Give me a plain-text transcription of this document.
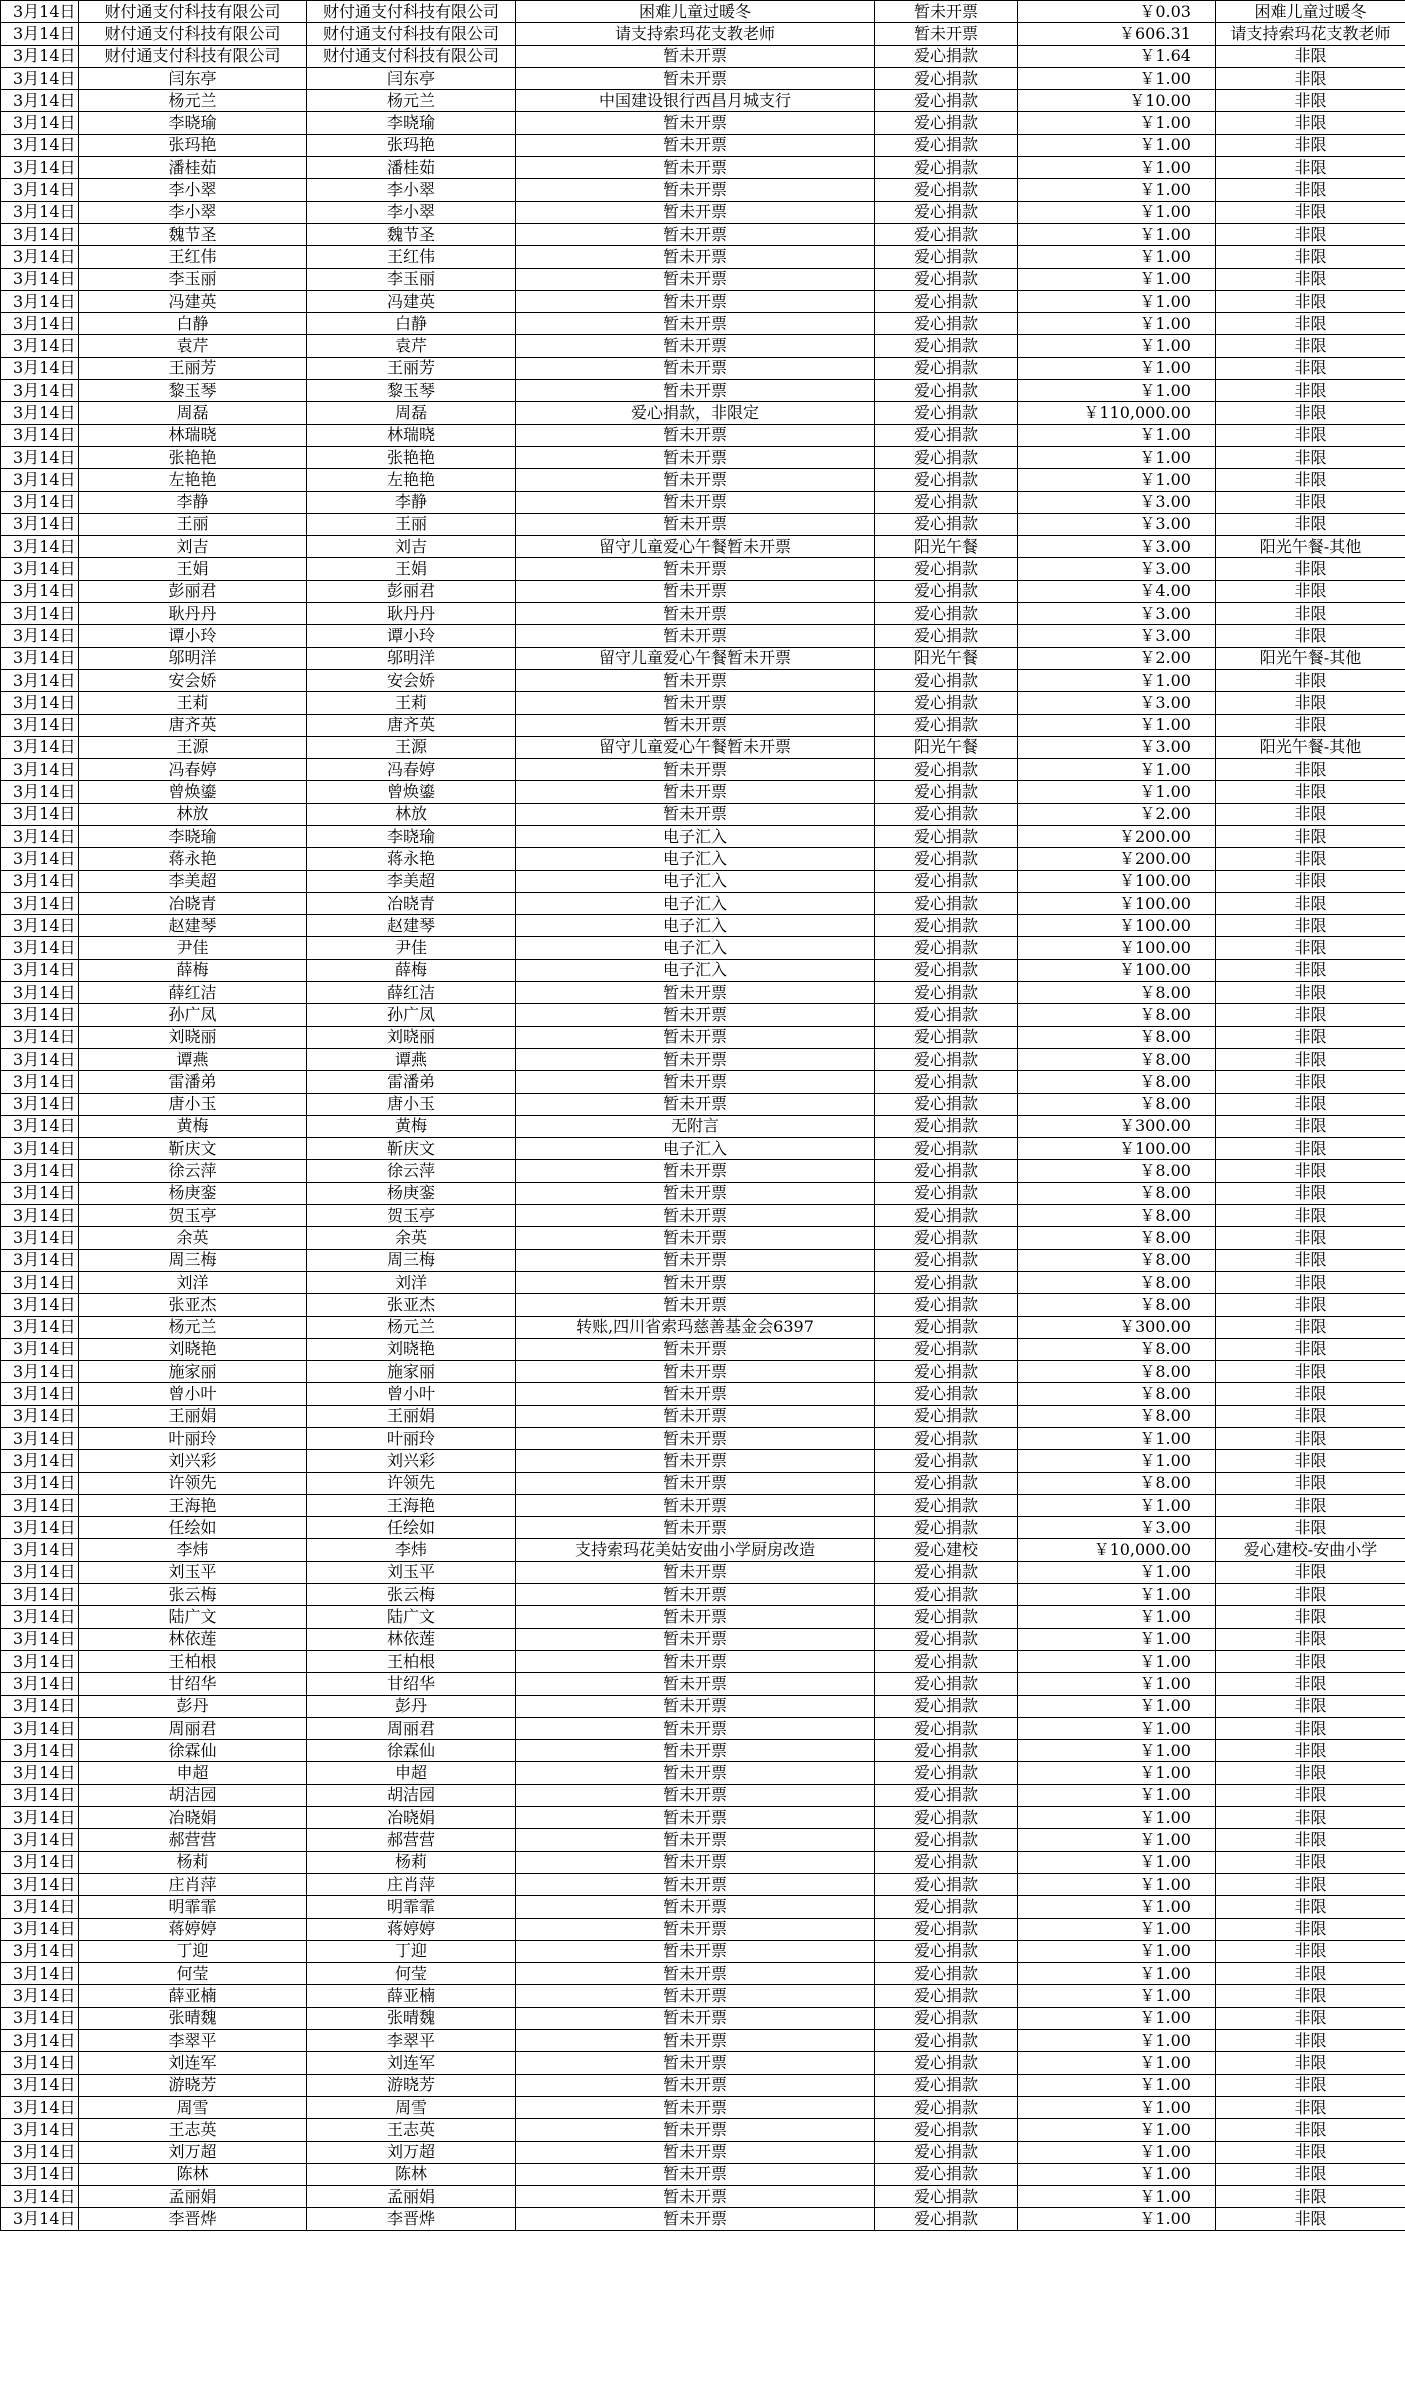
3月14日	财付通支付科技有限公司	财付通支付科技有限公司	困难儿童过暖冬	暂未开票	￥0.03	困难儿童过暖冬
3月14日	财付通支付科技有限公司	财付通支付科技有限公司	请支持索玛花支教老师	暂未开票	￥606.31	请支持索玛花支教老师
3月14日	财付通支付科技有限公司	财付通支付科技有限公司	暂未开票	爱心捐款	￥1.64	非限
3月14日	闫东亭	闫东亭	暂未开票	爱心捐款	￥1.00	非限
3月14日	杨元兰	杨元兰	中国建设银行西昌月城支行	爱心捐款	￥10.00	非限
3月14日	李晓瑜	李晓瑜	暂未开票	爱心捐款	￥1.00	非限
3月14日	张玛艳	张玛艳	暂未开票	爱心捐款	￥1.00	非限
3月14日	潘桂茹	潘桂茹	暂未开票	爱心捐款	￥1.00	非限
3月14日	李小翠	李小翠	暂未开票	爱心捐款	￥1.00	非限
3月14日	李小翠	李小翠	暂未开票	爱心捐款	￥1.00	非限
3月14日	魏节圣	魏节圣	暂未开票	爱心捐款	￥1.00	非限
3月14日	王红伟	王红伟	暂未开票	爱心捐款	￥1.00	非限
3月14日	李玉丽	李玉丽	暂未开票	爱心捐款	￥1.00	非限
3月14日	冯建英	冯建英	暂未开票	爱心捐款	￥1.00	非限
3月14日	白静	白静	暂未开票	爱心捐款	￥1.00	非限
3月14日	袁芹	袁芹	暂未开票	爱心捐款	￥1.00	非限
3月14日	王丽芳	王丽芳	暂未开票	爱心捐款	￥1.00	非限
3月14日	黎玉琴	黎玉琴	暂未开票	爱心捐款	￥1.00	非限
3月14日	周磊	周磊	爱心捐款，非限定	爱心捐款	￥110,000.00	非限
3月14日	林瑞晓	林瑞晓	暂未开票	爱心捐款	￥1.00	非限
3月14日	张艳艳	张艳艳	暂未开票	爱心捐款	￥1.00	非限
3月14日	左艳艳	左艳艳	暂未开票	爱心捐款	￥1.00	非限
3月14日	李静	李静	暂未开票	爱心捐款	￥3.00	非限
3月14日	王丽	王丽	暂未开票	爱心捐款	￥3.00	非限
3月14日	刘吉	刘吉	留守儿童爱心午餐暂未开票	阳光午餐	￥3.00	阳光午餐-其他
3月14日	王娟	王娟	暂未开票	爱心捐款	￥3.00	非限
3月14日	彭丽君	彭丽君	暂未开票	爱心捐款	￥4.00	非限
3月14日	耿丹丹	耿丹丹	暂未开票	爱心捐款	￥3.00	非限
3月14日	谭小玲	谭小玲	暂未开票	爱心捐款	￥3.00	非限
3月14日	邬明洋	邬明洋	留守儿童爱心午餐暂未开票	阳光午餐	￥2.00	阳光午餐-其他
3月14日	安会娇	安会娇	暂未开票	爱心捐款	￥1.00	非限
3月14日	王莉	王莉	暂未开票	爱心捐款	￥3.00	非限
3月14日	唐齐英	唐齐英	暂未开票	爱心捐款	￥1.00	非限
3月14日	王源	王源	留守儿童爱心午餐暂未开票	阳光午餐	￥3.00	阳光午餐-其他
3月14日	冯春婷	冯春婷	暂未开票	爱心捐款	￥1.00	非限
3月14日	曾焕鎏	曾焕鎏	暂未开票	爱心捐款	￥1.00	非限
3月14日	林放	林放	暂未开票	爱心捐款	￥2.00	非限
3月14日	李晓瑜	李晓瑜	电子汇入	爱心捐款	￥200.00	非限
3月14日	蒋永艳	蒋永艳	电子汇入	爱心捐款	￥200.00	非限
3月14日	李美超	李美超	电子汇入	爱心捐款	￥100.00	非限
3月14日	冶晓青	冶晓青	电子汇入	爱心捐款	￥100.00	非限
3月14日	赵建琴	赵建琴	电子汇入	爱心捐款	￥100.00	非限
3月14日	尹佳	尹佳	电子汇入	爱心捐款	￥100.00	非限
3月14日	薛梅	薛梅	电子汇入	爱心捐款	￥100.00	非限
3月14日	薛红洁	薛红洁	暂未开票	爱心捐款	￥8.00	非限
3月14日	孙广凤	孙广凤	暂未开票	爱心捐款	￥8.00	非限
3月14日	刘晓丽	刘晓丽	暂未开票	爱心捐款	￥8.00	非限
3月14日	谭燕	谭燕	暂未开票	爱心捐款	￥8.00	非限
3月14日	雷潘弟	雷潘弟	暂未开票	爱心捐款	￥8.00	非限
3月14日	唐小玉	唐小玉	暂未开票	爱心捐款	￥8.00	非限
3月14日	黄梅	黄梅	无附言	爱心捐款	￥300.00	非限
3月14日	靳庆文	靳庆文	电子汇入	爱心捐款	￥100.00	非限
3月14日	徐云萍	徐云萍	暂未开票	爱心捐款	￥8.00	非限
3月14日	杨庚銮	杨庚銮	暂未开票	爱心捐款	￥8.00	非限
3月14日	贺玉亭	贺玉亭	暂未开票	爱心捐款	￥8.00	非限
3月14日	余英	余英	暂未开票	爱心捐款	￥8.00	非限
3月14日	周三梅	周三梅	暂未开票	爱心捐款	￥8.00	非限
3月14日	刘洋	刘洋	暂未开票	爱心捐款	￥8.00	非限
3月14日	张亚杰	张亚杰	暂未开票	爱心捐款	￥8.00	非限
3月14日	杨元兰	杨元兰	转账,四川省索玛慈善基金会6397	爱心捐款	￥300.00	非限
3月14日	刘晓艳	刘晓艳	暂未开票	爱心捐款	￥8.00	非限
3月14日	施家丽	施家丽	暂未开票	爱心捐款	￥8.00	非限
3月14日	曾小叶	曾小叶	暂未开票	爱心捐款	￥8.00	非限
3月14日	王丽娟	王丽娟	暂未开票	爱心捐款	￥8.00	非限
3月14日	叶丽玲	叶丽玲	暂未开票	爱心捐款	￥1.00	非限
3月14日	刘兴彩	刘兴彩	暂未开票	爱心捐款	￥1.00	非限
3月14日	许领先	许领先	暂未开票	爱心捐款	￥8.00	非限
3月14日	王海艳	王海艳	暂未开票	爱心捐款	￥1.00	非限
3月14日	任绘如	任绘如	暂未开票	爱心捐款	￥3.00	非限
3月14日	李炜	李炜	支持索玛花美姑安曲小学厨房改造	爱心建校	￥10,000.00	爱心建校-安曲小学
3月14日	刘玉平	刘玉平	暂未开票	爱心捐款	￥1.00	非限
3月14日	张云梅	张云梅	暂未开票	爱心捐款	￥1.00	非限
3月14日	陆广文	陆广文	暂未开票	爱心捐款	￥1.00	非限
3月14日	林依莲	林依莲	暂未开票	爱心捐款	￥1.00	非限
3月14日	王柏根	王柏根	暂未开票	爱心捐款	￥1.00	非限
3月14日	甘绍华	甘绍华	暂未开票	爱心捐款	￥1.00	非限
3月14日	彭丹	彭丹	暂未开票	爱心捐款	￥1.00	非限
3月14日	周丽君	周丽君	暂未开票	爱心捐款	￥1.00	非限
3月14日	徐霖仙	徐霖仙	暂未开票	爱心捐款	￥1.00	非限
3月14日	申超	申超	暂未开票	爱心捐款	￥1.00	非限
3月14日	胡洁园	胡洁园	暂未开票	爱心捐款	￥1.00	非限
3月14日	冶晓娟	冶晓娟	暂未开票	爱心捐款	￥1.00	非限
3月14日	郝营营	郝营营	暂未开票	爱心捐款	￥1.00	非限
3月14日	杨莉	杨莉	暂未开票	爱心捐款	￥1.00	非限
3月14日	庄肖萍	庄肖萍	暂未开票	爱心捐款	￥1.00	非限
3月14日	明霏霏	明霏霏	暂未开票	爱心捐款	￥1.00	非限
3月14日	蒋婷婷	蒋婷婷	暂未开票	爱心捐款	￥1.00	非限
3月14日	丁迎	丁迎	暂未开票	爱心捐款	￥1.00	非限
3月14日	何莹	何莹	暂未开票	爱心捐款	￥1.00	非限
3月14日	薛亚楠	薛亚楠	暂未开票	爱心捐款	￥1.00	非限
3月14日	张晴魏	张晴魏	暂未开票	爱心捐款	￥1.00	非限
3月14日	李翠平	李翠平	暂未开票	爱心捐款	￥1.00	非限
3月14日	刘连军	刘连军	暂未开票	爱心捐款	￥1.00	非限
3月14日	游晓芳	游晓芳	暂未开票	爱心捐款	￥1.00	非限
3月14日	周雪	周雪	暂未开票	爱心捐款	￥1.00	非限
3月14日	王志英	王志英	暂未开票	爱心捐款	￥1.00	非限
3月14日	刘万超	刘万超	暂未开票	爱心捐款	￥1.00	非限
3月14日	陈林	陈林	暂未开票	爱心捐款	￥1.00	非限
3月14日	孟丽娟	孟丽娟	暂未开票	爱心捐款	￥1.00	非限
3月14日	李晋烨	李晋烨	暂未开票	爱心捐款	￥1.00	非限
